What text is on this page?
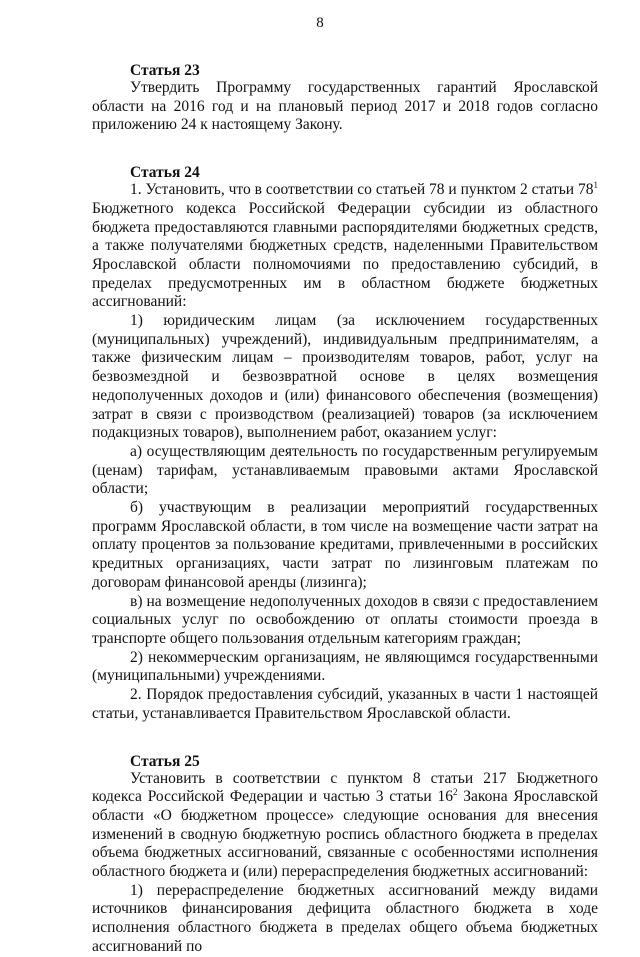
8

Статья 23

Утвердить Программу государственных гарантий Ярославской области на 2016 год и на плановый период 2017 и 2018 годов согласно приложению 24 к настоящему Закону.

Статья 24

1. Установить, что в соответствии со статьей 78 и пунктом 2 статьи $78^1$ Бюджетного кодекса Российской Федерации субсидии из областного бюджета предоставляются главными распорядителями бюджетных средств, а также получателями бюджетных средств, наделенными Правительством Ярославской области полномочиями по предоставлению субсидий, в пределах предусмотренных им в областном бюджете бюджетных ассигнований:

1) юридическим лицам (за исключением государственных (муниципальных) учреждений), индивидуальным предпринимателям, а также физическим лицам – производителям товаров, работ, услуг на безвозмездной и безвозвратной основе в целях возмещения недополученных доходов и (или) финансового обеспечения (возмещения) затрат в связи с производством (реализацией) товаров (за исключением подакцизных товаров), выполнением работ, оказанием услуг:

а) осуществляющим деятельность по государственным регулируемым (ценам) тарифам, устанавливаемым правовыми актами Ярославской области;

б) участвующим в реализации мероприятий государственных программ Ярославской области, в том числе на возмещение части затрат на оплату процентов за пользование кредитами, привлеченными в российских кредитных организациях, части затрат по лизинговым платежам по договорам финансовой аренды (лизинга);

в) на возмещение недополученных доходов в связи с предоставлением социальных услуг по освобождению от оплаты стоимости проезда в транспорте общего пользования отдельным категориям граждан;

2) некоммерческим организациям, не являющимся государственными (муниципальными) учреждениями.

2. Порядок предоставления субсидий, указанных в части 1 настоящей статьи, устанавливается Правительством Ярославской области.

Статья 25

Установить в соответствии с пунктом 8 статьи 217 Бюджетного кодекса Российской Федерации и частью 3 статьи $16^2$ Закона Ярославской области «О бюджетном процессе» следующие основания для внесения изменений в сводную бюджетную роспись областного бюджета в пределах объема бюджетных ассигнований, связанные с особенностями исполнения областного бюджета и (или) перераспределения бюджетных ассигнований:

1) перераспределение бюджетных ассигнований между видами источников финансирования дефицита областного бюджета в ходе исполнения областного бюджета в пределах общего объема бюджетных ассигнований по
